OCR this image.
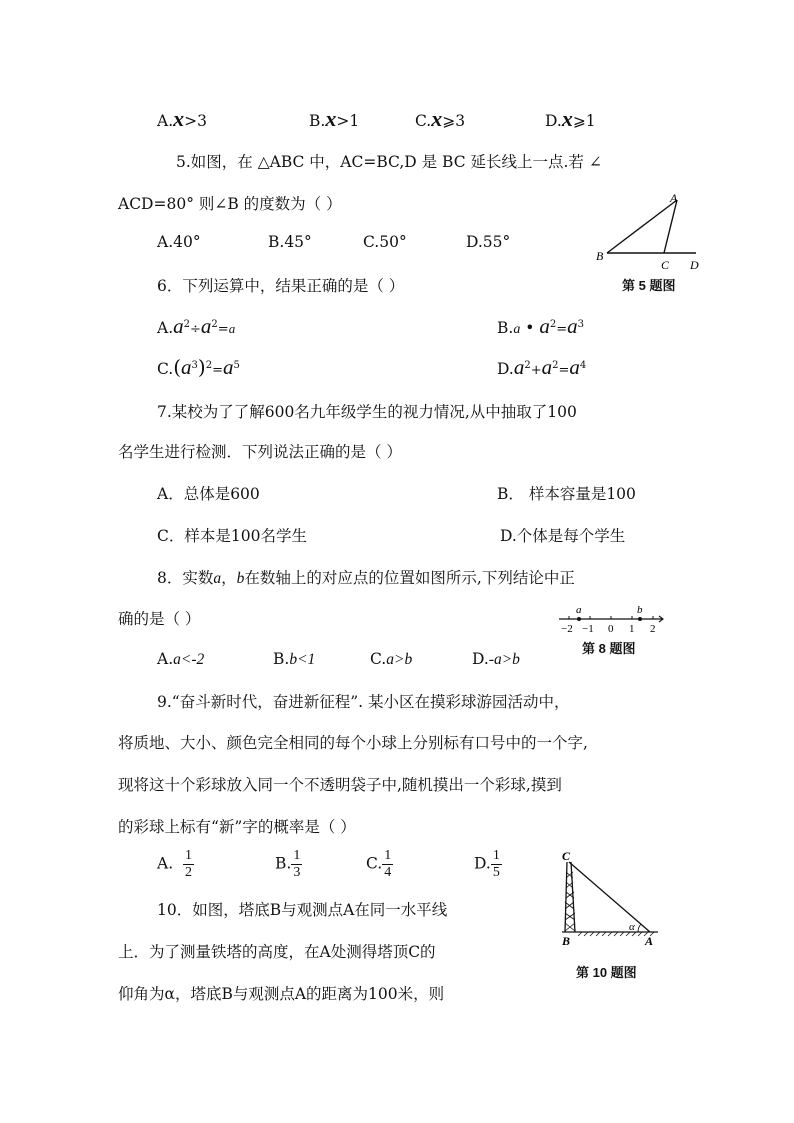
A.x>3	B.x>1	C.x⩾3	D.x⩾1
5.如图，在 △ABC 中，AC=BC,D 是 BC 延长线上一点.若 ∠
ACD=80° 则∠B 的度数为（ ）
A.40°	B.45°	C.50°	D.55°
A
B
C D
第 5 题图
6．下列运算中，结果正确的是（ ）
$A.a^2\div a^2=a$	B.a • $a^2=a^3$
$C.(a^3)^2=a^5$	$D.a^2+a^2=a^4$
7.某校为了了解600名九年级学生的视力情况,从中抽取了100
名学生进行检测．下列说法正确的是（ ）
A．总体是600	B． 样本容量是100
C．样本是100名学生	D.个体是每个学生
8．实数a，b在数轴上的对应点的位置如图所示,下列结论中正
确的是（ ）
A.a<-2	B.b<1	C.a>b	D.-a>b
a	b
−2 −1 0 1 2
第 8 题图
9.“奋斗新时代，奋进新征程”. 某小区在摸彩球游园活动中，
将质地、大小、颜色完全相同的每个小球上分别标有口号中的一个字,
现将这十个彩球放入同一个不透明袋子中,随机摸出一个彩球,摸到
的彩球上标有“新”字的概率是（ ）
A. $\frac{1}{2}$	B. $\frac{1}{3}$	C. $\frac{1}{4}$	D. $\frac{1}{5}$
10．如图，塔底B与观测点A在同一水平线
上．为了测量铁塔的高度，在A处测得塔顶C的
仰角为α，塔底B与观测点A的距离为100米，则
C
B	A
α
第 10 题图
